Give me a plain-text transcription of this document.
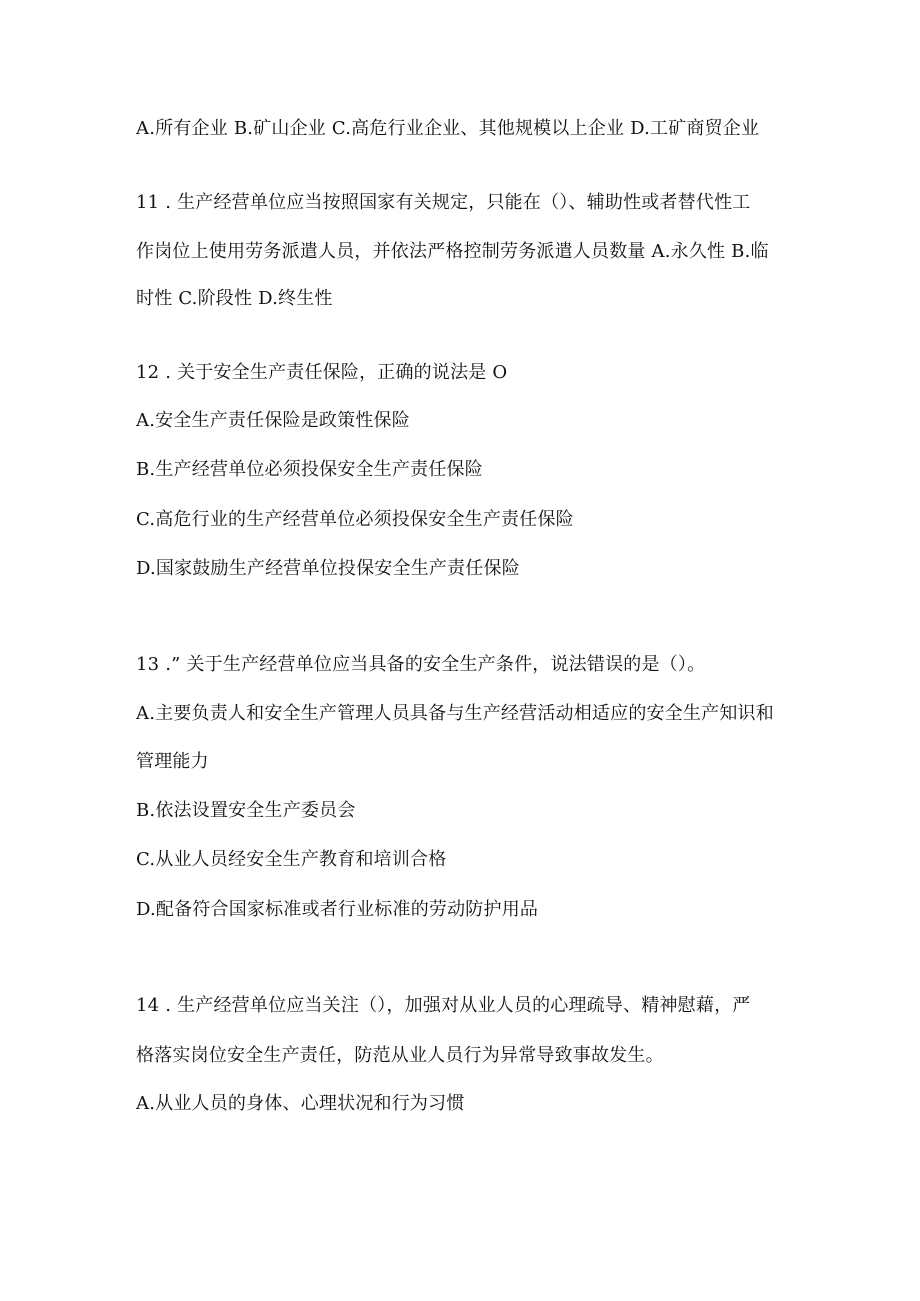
A.所有企业 B.矿山企业 C.高危行业企业、其他规模以上企业 D.工矿商贸企业
11 . 生产经营单位应当按照国家有关规定，只能在（）、辅助性或者替代性工
作岗位上使用劳务派遣人员，并依法严格控制劳务派遣人员数量 A.永久性 B.临
时性 C.阶段性 D.终生性
12 . 关于安全生产责任保险，正确的说法是 O
A.安全生产责任保险是政策性保险
B.生产经营单位必须投保安全生产责任保险
C.高危行业的生产经营单位必须投保安全生产责任保险
D.国家鼓励生产经营单位投保安全生产责任保险
13 .” 关于生产经营单位应当具备的安全生产条件，说法错误的是（）。
A.主要负责人和安全生产管理人员具备与生产经营活动相适应的安全生产知识和
管理能力
B.依法设置安全生产委员会
C.从业人员经安全生产教育和培训合格
D.配备符合国家标准或者行业标准的劳动防护用品
14 . 生产经营单位应当关注（），加强对从业人员的心理疏导、精神慰藉，严
格落实岗位安全生产责任，防范从业人员行为异常导致事故发生。
A.从业人员的身体、心理状况和行为习惯
